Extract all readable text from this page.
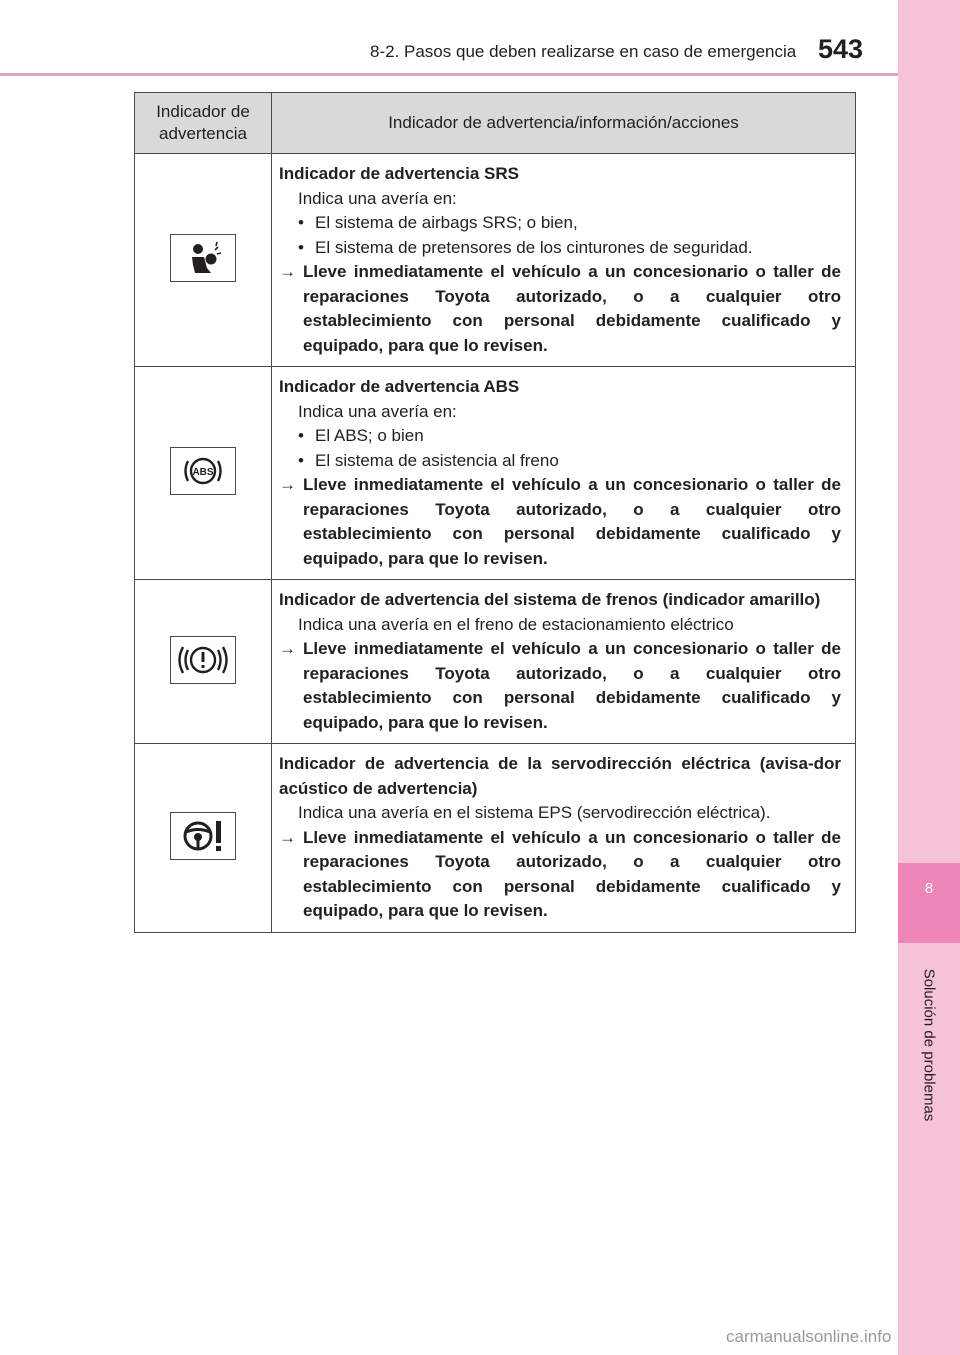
8-2. Pasos que deben realizarse en caso de emergencia 543
8
Solución de problemas
Indicador de advertencia	Indicador de advertencia/información/acciones

Indicador de advertencia SRS
Indica una avería en:
• El sistema de airbags SRS; o bien,
• El sistema de pretensores de los cinturones de seguridad.
→ Lleve inmediatamente el vehículo a un concesionario o taller de reparaciones Toyota autorizado, o a cualquier otro establecimiento con personal debidamente cualificado y equipado, para que lo revisen.

ABS	Indicador de advertencia ABS
Indica una avería en:
• El ABS; o bien
• El sistema de asistencia al freno
→ Lleve inmediatamente el vehículo a un concesionario o taller de reparaciones Toyota autorizado, o a cualquier otro establecimiento con personal debidamente cualificado y equipado, para que lo revisen.

Indicador de advertencia del sistema de frenos (indicador amarillo)
Indica una avería en el freno de estacionamiento eléctrico
→ Lleve inmediatamente el vehículo a un concesionario o taller de reparaciones Toyota autorizado, o a cualquier otro establecimiento con personal debidamente cualificado y equipado, para que lo revisen.

Indicador de advertencia de la servodirección eléctrica (avisa-dor acústico de advertencia)
Indica una avería en el sistema EPS (servodirección eléctrica).
→ Lleve inmediatamente el vehículo a un concesionario o taller de reparaciones Toyota autorizado, o a cualquier otro establecimiento con personal debidamente cualificado y equipado, para que lo revisen.
carmanualsonline.info
